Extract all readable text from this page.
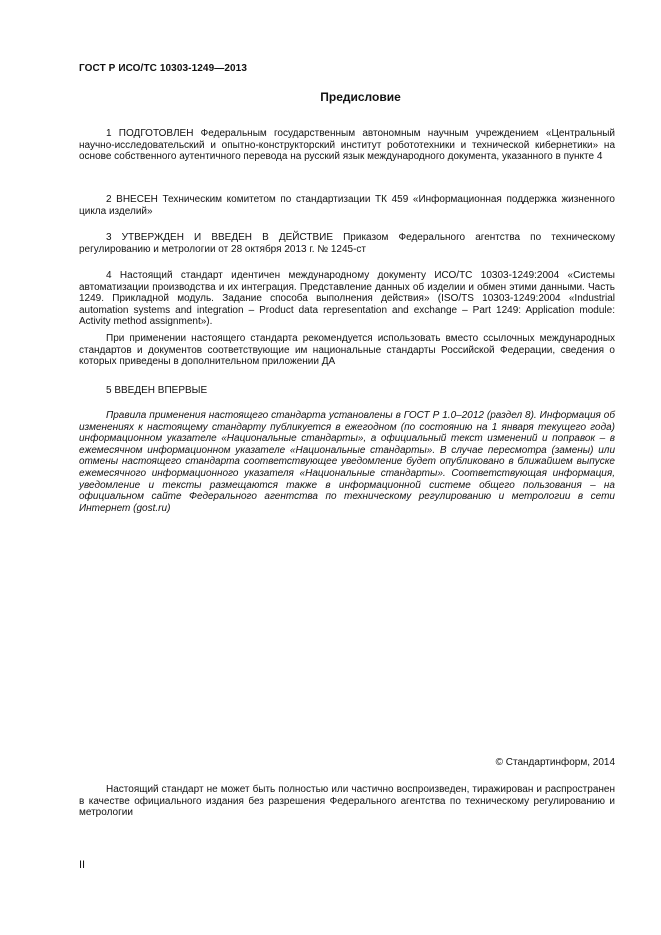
ГОСТ Р ИСО/ТС 10303-1249—2013
Предисловие

1 ПОДГОТОВЛЕН Федеральным государственным автономным научным учреждением «Центральный научно-исследовательский и опытно-конструкторский институт робототехники и технической кибернетики» на основе собственного аутентичного перевода на русский язык международного документа, указанного в пункте 4

2 ВНЕСЕН Техническим комитетом по стандартизации ТК 459 «Информационная поддержка жизненного цикла изделий»

3 УТВЕРЖДЕН И ВВЕДЕН В ДЕЙСТВИЕ Приказом Федерального агентства по техническому регулированию и метрологии от 28 октября 2013 г. № 1245-ст

4 Настоящий стандарт идентичен международному документу ИСО/ТС 10303-1249:2004 «Системы автоматизации производства и их интеграция. Представление данных об изделии и обмен этими данными. Часть 1249. Прикладной модуль. Задание способа выполнения действия» (ISO/TS 10303-1249:2004 «Industrial automation systems and integration – Product data representation and exchange – Part 1249: Application module: Activity method assignment»).

При применении настоящего стандарта рекомендуется использовать вместо ссылочных международных стандартов и документов соответствующие им национальные стандарты Российской Федерации, сведения о которых приведены в дополнительном приложении ДА

5 ВВЕДЕН ВПЕРВЫЕ

Правила применения настоящего стандарта установлены в ГОСТ Р 1.0–2012 (раздел 8). Информация об изменениях к настоящему стандарту публикуется в ежегодном (по состоянию на 1 января текущего года) информационном указателе «Национальные стандарты», а официальный текст изменений и поправок – в ежемесячном информационном указателе «Национальные стандарты». В случае пересмотра (замены) или отмены настоящего стандарта соответствующее уведомление будет опубликовано в ближайшем выпуске ежемесячного информационного указателя «Национальные стандарты». Соответствующая информация, уведомление и тексты размещаются также в информационной системе общего пользования – на официальном сайте Федерального агентства по техническому регулированию и метрологии в сети Интернет (gost.ru)

© Стандартинформ, 2014

Настоящий стандарт не может быть полностью или частично воспроизведен, тиражирован и распространен в качестве официального издания без разрешения Федерального агентства по техническому регулированию и метрологии

II
